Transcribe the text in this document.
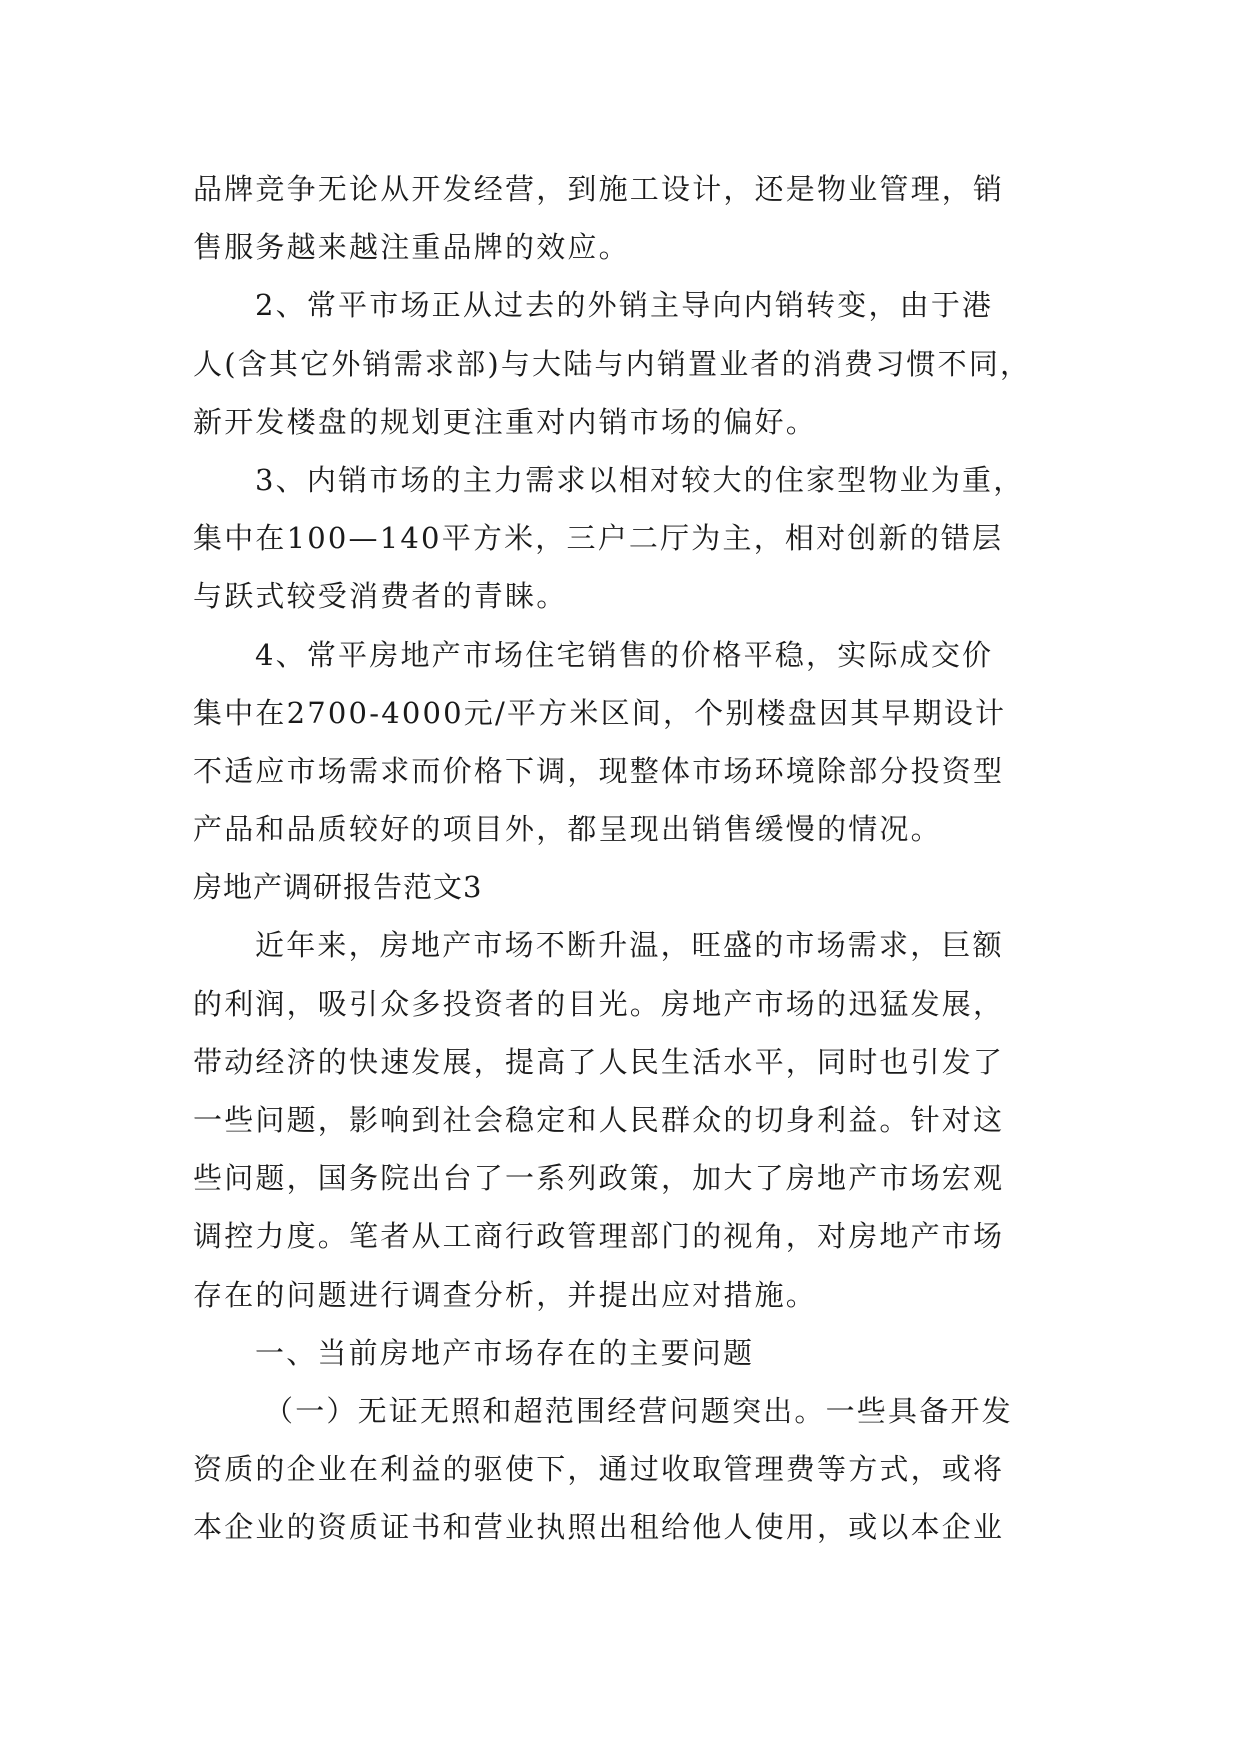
品牌竞争无论从开发经营，到施工设计，还是物业管理，销
售服务越来越注重品牌的效应。
2、常平市场正从过去的外销主导向内销转变，由于港
人(含其它外销需求部)与大陆与内销置业者的消费习惯不同，
新开发楼盘的规划更注重对内销市场的偏好。
3、内销市场的主力需求以相对较大的住家型物业为重，
集中在100—140平方米，三户二厅为主，相对创新的错层
与跃式较受消费者的青睐。
4、常平房地产市场住宅销售的价格平稳，实际成交价
集中在2700-4000元/平方米区间，个别楼盘因其早期设计
不适应市场需求而价格下调，现整体市场环境除部分投资型
产品和品质较好的项目外，都呈现出销售缓慢的情况。
房地产调研报告范文3
近年来，房地产市场不断升温，旺盛的市场需求，巨额
的利润，吸引众多投资者的目光。房地产市场的迅猛发展，
带动经济的快速发展，提高了人民生活水平，同时也引发了
一些问题，影响到社会稳定和人民群众的切身利益。针对这
些问题，国务院出台了一系列政策，加大了房地产市场宏观
调控力度。笔者从工商行政管理部门的视角，对房地产市场
存在的问题进行调查分析，并提出应对措施。
一、当前房地产市场存在的主要问题
（一）无证无照和超范围经营问题突出。一些具备开发
资质的企业在利益的驱使下，通过收取管理费等方式，或将
本企业的资质证书和营业执照出租给他人使用，或以本企业
